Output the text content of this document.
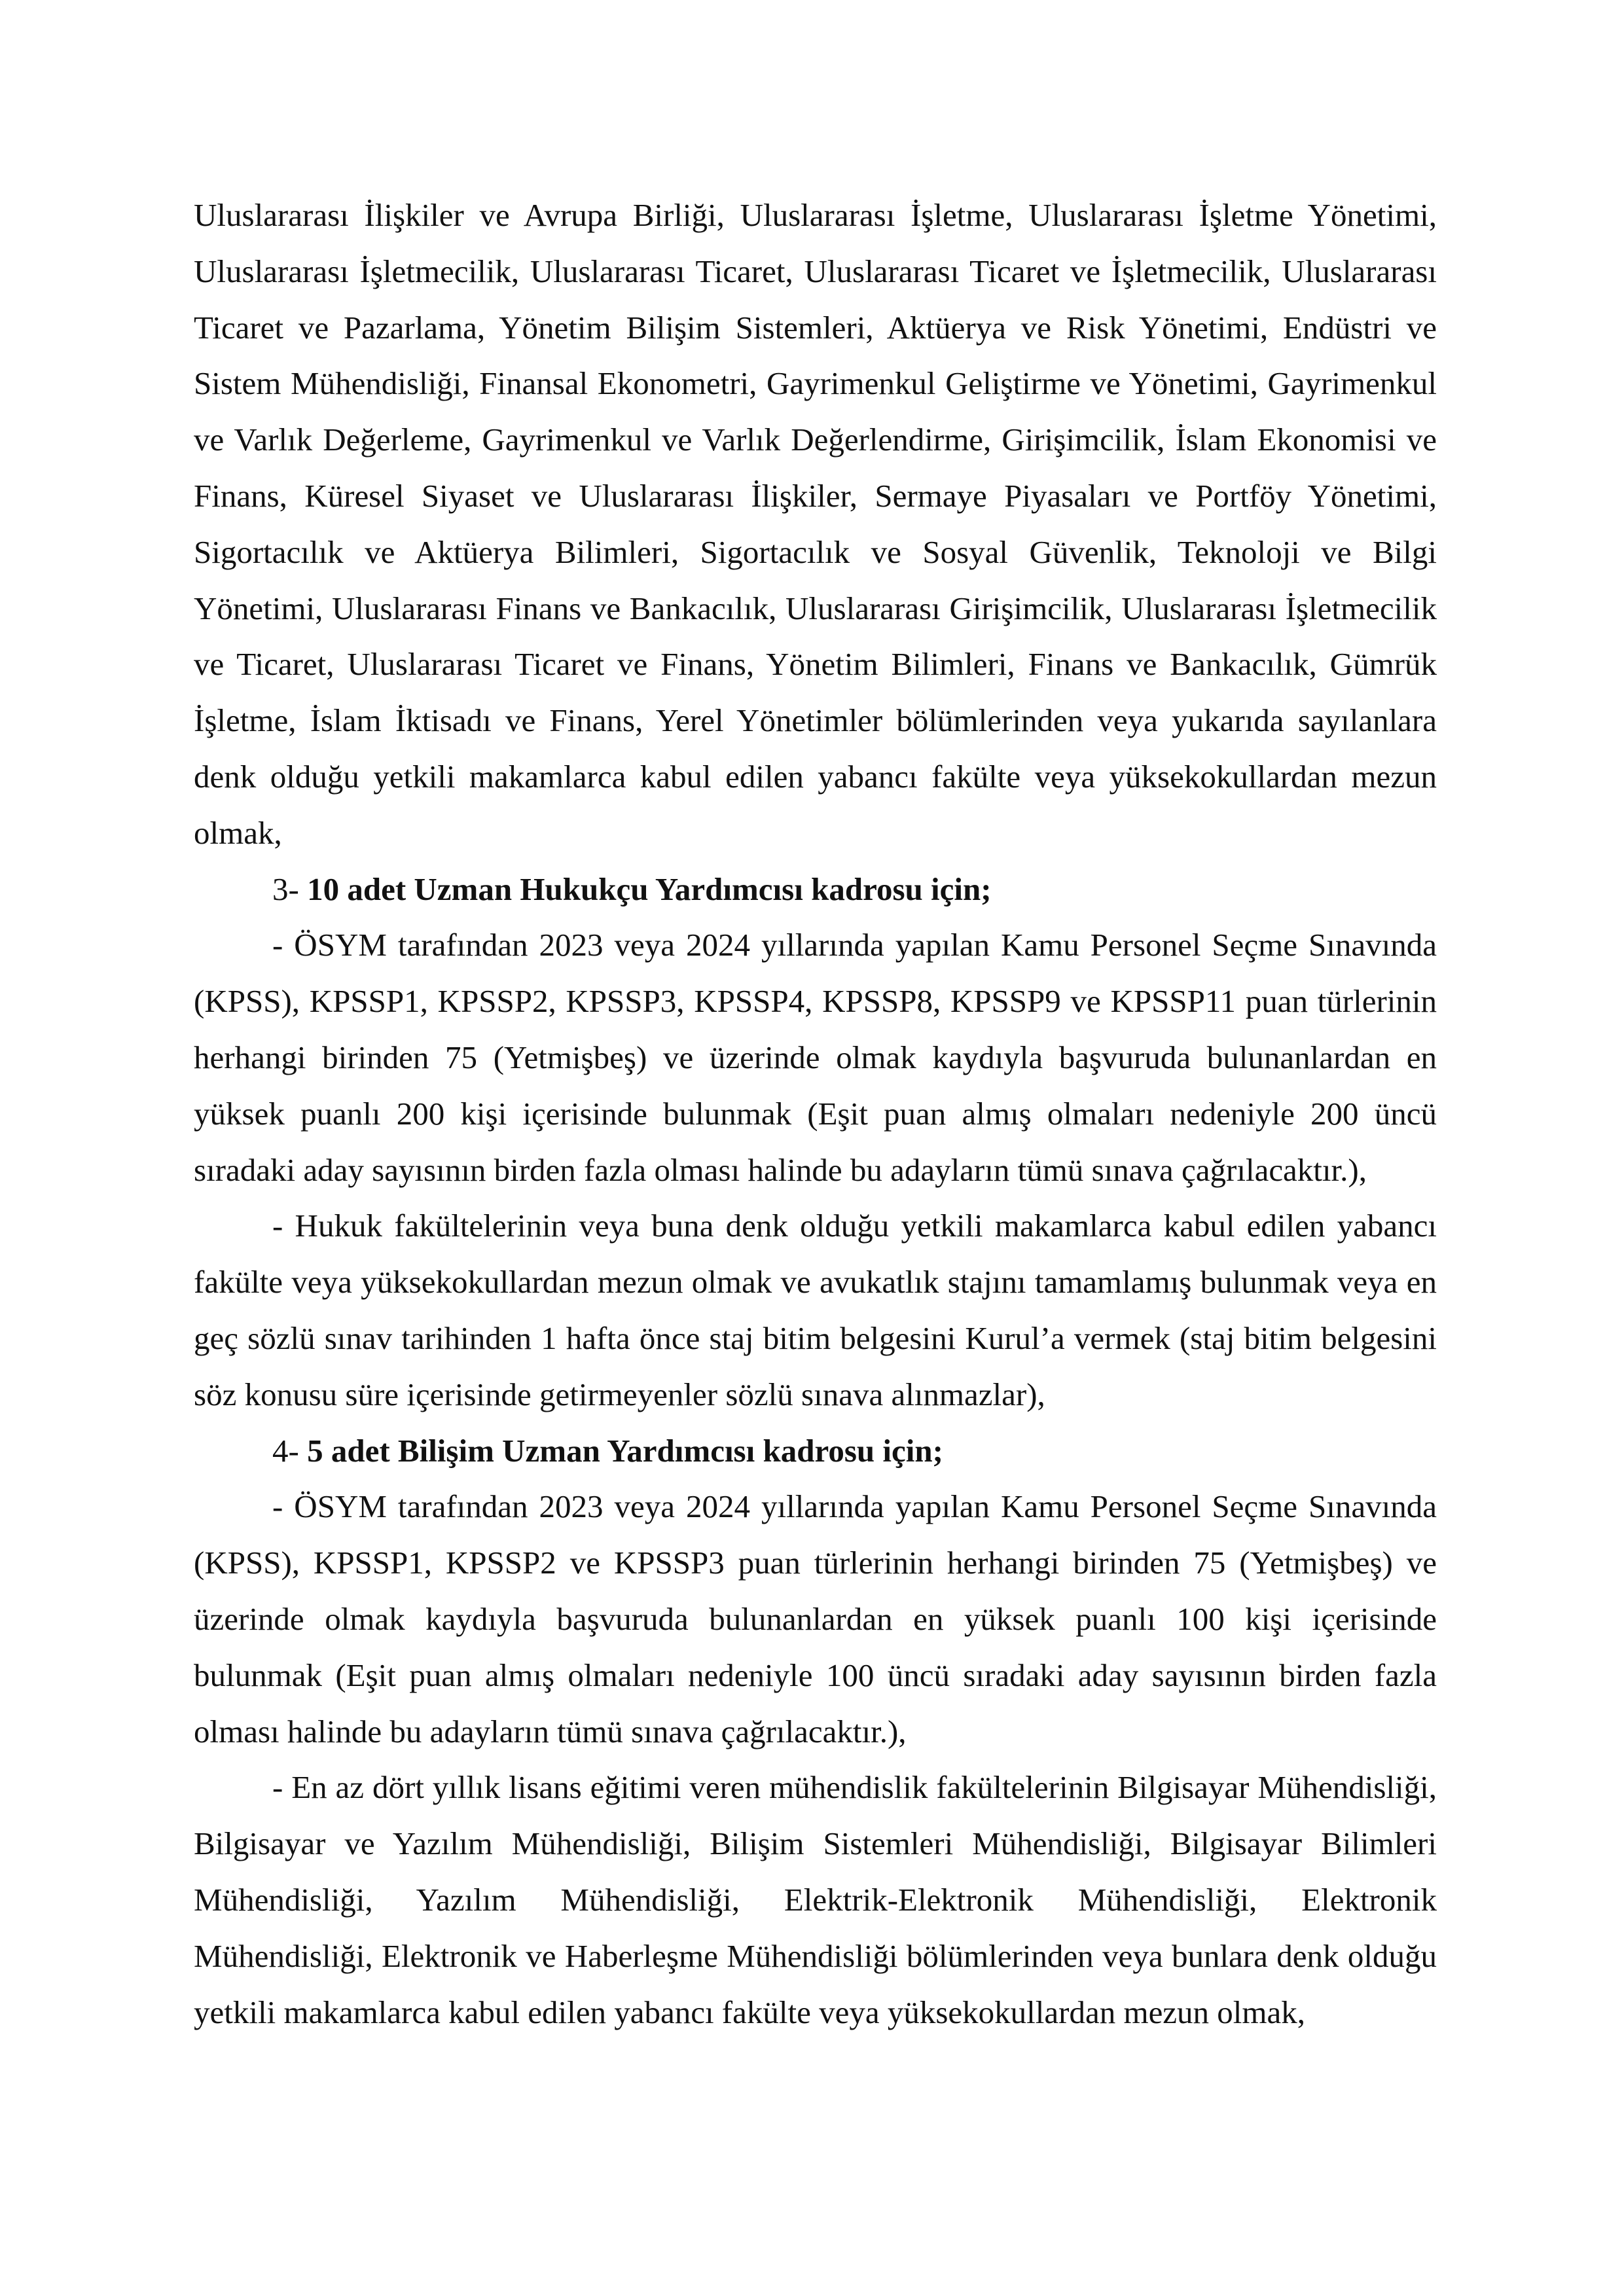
Uluslararası İlişkiler ve Avrupa Birliği, Uluslararası İşletme, Uluslararası İşletme Yönetimi, Uluslararası İşletmecilik, Uluslararası Ticaret, Uluslararası Ticaret ve İşletmecilik, Uluslararası Ticaret ve Pazarlama, Yönetim Bilişim Sistemleri, Aktüerya ve Risk Yönetimi, Endüstri ve Sistem Mühendisliği, Finansal Ekonometri, Gayrimenkul Geliştirme ve Yönetimi, Gayrimenkul ve Varlık Değerleme, Gayrimenkul ve Varlık Değerlendirme, Girişimcilik, İslam Ekonomisi ve Finans, Küresel Siyaset ve Uluslararası İlişkiler, Sermaye Piyasaları ve Portföy Yönetimi, Sigortacılık ve Aktüerya Bilimleri, Sigortacılık ve Sosyal Güvenlik, Teknoloji ve Bilgi Yönetimi, Uluslararası Finans ve Bankacılık, Uluslararası Girişimcilik, Uluslararası İşletmecilik ve Ticaret, Uluslararası Ticaret ve Finans, Yönetim Bilimleri, Finans ve Bankacılık, Gümrük İşletme, İslam İktisadı ve Finans, Yerel Yönetimler bölümlerinden veya yukarıda sayılanlara denk olduğu yetkili makamlarca kabul edilen yabancı fakülte veya yüksekokullardan mezun olmak,

3- 10 adet Uzman Hukukçu Yardımcısı kadrosu için;

- ÖSYM tarafından 2023 veya 2024 yıllarında yapılan Kamu Personel Seçme Sınavında (KPSS), KPSSP1, KPSSP2, KPSSP3, KPSSP4, KPSSP8, KPSSP9 ve KPSSP11 puan türlerinin herhangi birinden 75 (Yetmişbeş) ve üzerinde olmak kaydıyla başvuruda bulunanlardan en yüksek puanlı 200 kişi içerisinde bulunmak (Eşit puan almış olmaları nedeniyle 200 üncü sıradaki aday sayısının birden fazla olması halinde bu adayların tümü sınava çağrılacaktır.),

- Hukuk fakültelerinin veya buna denk olduğu yetkili makamlarca kabul edilen yabancı fakülte veya yüksekokullardan mezun olmak ve avukatlık stajını tamamlamış bulunmak veya en geç sözlü sınav tarihinden 1 hafta önce staj bitim belgesini Kurul’a vermek (staj bitim belgesini söz konusu süre içerisinde getirmeyenler sözlü sınava alınmazlar),

4- 5 adet Bilişim Uzman Yardımcısı kadrosu için;

- ÖSYM tarafından 2023 veya 2024 yıllarında yapılan Kamu Personel Seçme Sınavında (KPSS), KPSSP1, KPSSP2 ve KPSSP3 puan türlerinin herhangi birinden 75 (Yetmişbeş) ve üzerinde olmak kaydıyla başvuruda bulunanlardan en yüksek puanlı 100 kişi içerisinde bulunmak (Eşit puan almış olmaları nedeniyle 100 üncü sıradaki aday sayısının birden fazla olması halinde bu adayların tümü sınava çağrılacaktır.),

- En az dört yıllık lisans eğitimi veren mühendislik fakültelerinin Bilgisayar Mühendisliği, Bilgisayar ve Yazılım Mühendisliği, Bilişim Sistemleri Mühendisliği, Bilgisayar Bilimleri Mühendisliği, Yazılım Mühendisliği, Elektrik-Elektronik Mühendisliği, Elektronik Mühendisliği, Elektronik ve Haberleşme Mühendisliği bölümlerinden veya bunlara denk olduğu yetkili makamlarca kabul edilen yabancı fakülte veya yüksekokullardan mezun olmak,
